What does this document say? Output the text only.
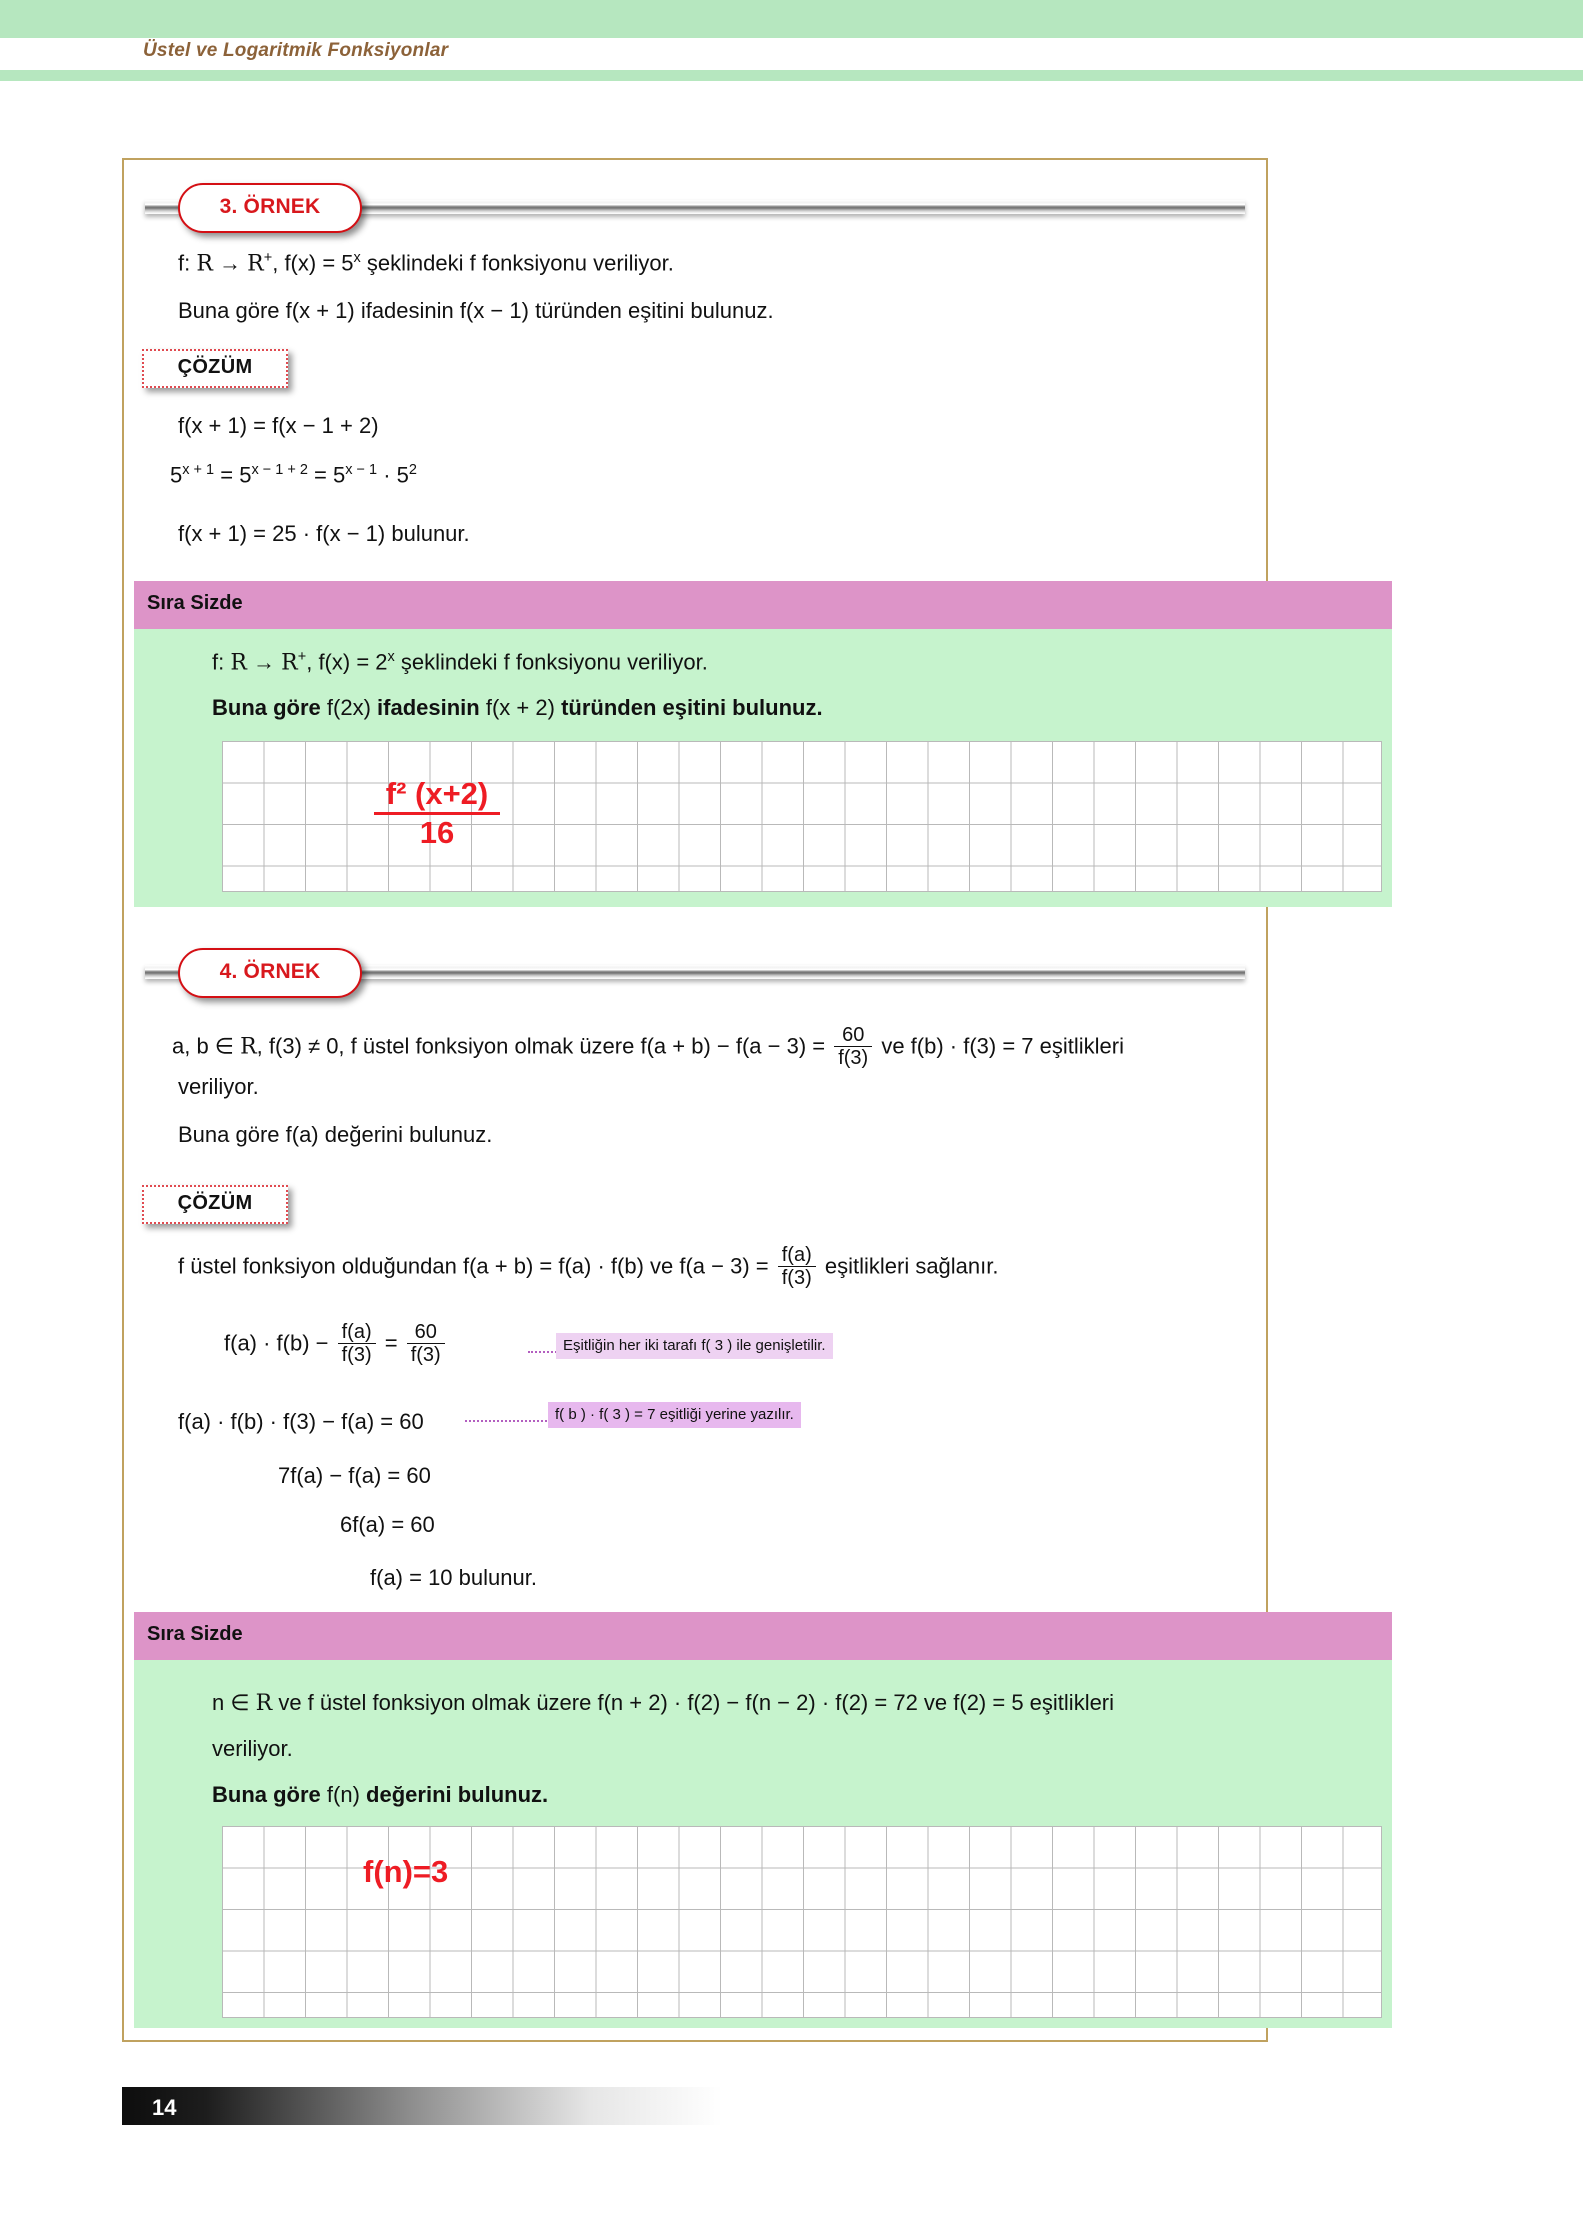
Üstel ve Logaritmik Fonksiyonlar
3. ÖRNEK
f: R → R+, $f(x) = 5^x$ şeklindeki f fonksiyonu veriliyor.
Buna göre f(x + 1) ifadesinin f(x − 1) türünden eşitini bulunuz.
ÇÖZÜM
f(x + 1) = f(x − 1 + 2)
$5^{x + 1} = 5^{x - 1 + 2} = 5^{x - 1} \cdot 5^2$
f(x + 1) = 25 · f(x − 1) bulunur.
Sıra Sizde
f: R → R+, $f(x) = 2^x$ şeklindeki f fonksiyonu veriliyor.
Buna göre f(2x) ifadesinin f(x + 2) türünden eşitini bulunuz.
$\frac{\text{f² (x+2)}}{16}$
4. ÖRNEK
a, b ∈ R, f(3) ≠ 0, f üstel fonksiyon olmak üzere $f(a + b) - f(a - 3) = \frac{60}{f(3)}$ ve f(b) · f(3) = 7 eşitlikleri
veriliyor.
Buna göre f(a) değerini bulunuz.
ÇÖZÜM
f üstel fonksiyon olduğundan f(a + b) = f(a) · f(b) ve $f(a - 3) = \frac{f(a)}{f(3)}$ eşitlikleri sağlanır.
$f(a) \cdot f(b) - \frac{f(a)}{f(3)} = \frac{60}{f(3)}$	Eşitliğin her iki tarafı f( 3 ) ile genişletilir.
f(a) · f(b) · f(3) − f(a) = 60	f( b ) · f( 3 ) = 7 eşitliği yerine yazılır.
7f(a) − f(a) = 60
6f(a) = 60
f(a) = 10 bulunur.
Sıra Sizde
n ∈ R ve f üstel fonksiyon olmak üzere f(n + 2) · f(2) − f(n − 2) · f(2) = 72 ve f(2) = 5 eşitlikleri
veriliyor.
Buna göre f(n) değerini bulunuz.
f(n)=3
14
